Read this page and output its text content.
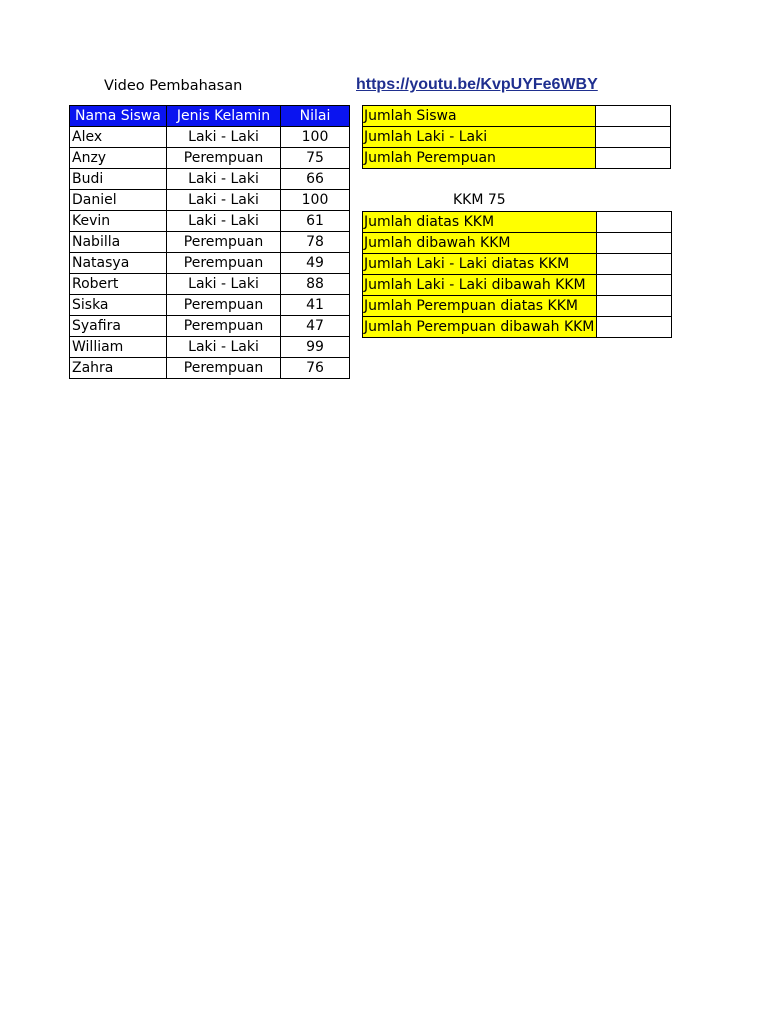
Video Pembahasan	https://youtu.be/KvpUYFe6WBY
Nama Siswa	Jenis Kelamin	Nilai
Alex	Laki - Laki	100
Anzy	Perempuan	75
Budi	Laki - Laki	66
Daniel	Laki - Laki	100
Kevin	Laki - Laki	61
Nabilla	Perempuan	78
Natasya	Perempuan	49
Robert	Laki - Laki	88
Siska	Perempuan	41
Syafira	Perempuan	47
William	Laki - Laki	99
Zahra	Perempuan	76
Jumlah Siswa	
Jumlah Laki - Laki	
Jumlah Perempuan	
KKM 75
Jumlah diatas KKM	
Jumlah dibawah KKM	
Jumlah Laki - Laki diatas KKM	
Jumlah Laki - Laki dibawah KKM	
Jumlah Perempuan diatas KKM	
Jumlah Perempuan dibawah KKM	
